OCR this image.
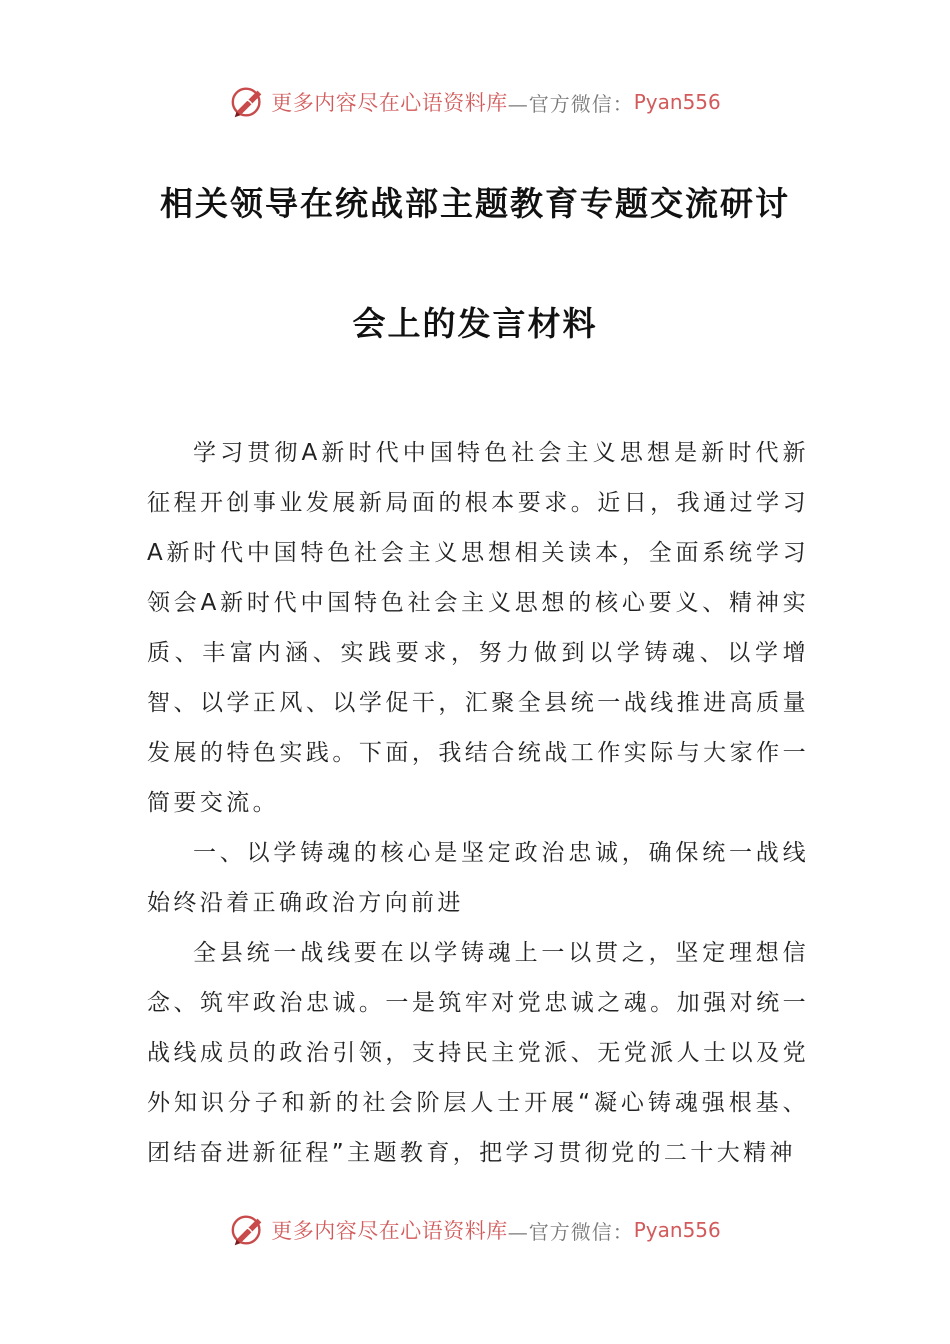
更多内容尽在心语资料库 —官方微信： Pyan556
相关领导在统战部主题教育专题交流研讨
会上的发言材料

学习贯彻A新时代中国特色社会主义思想是新时代新征程开创事业发展新局面的根本要求。近日，我通过学习A新时代中国特色社会主义思想相关读本，全面系统学习领会A新时代中国特色社会主义思想的核心要义、精神实质、丰富内涵、实践要求，努力做到以学铸魂、以学增智、以学正风、以学促干，汇聚全县统一战线推进高质量发展的特色实践。下面，我结合统战工作实际与大家作一简要交流。

一、以学铸魂的核心是坚定政治忠诚，确保统一战线始终沿着正确政治方向前进

全县统一战线要在以学铸魂上一以贯之，坚定理想信念、筑牢政治忠诚。一是筑牢对党忠诚之魂。加强对统一战线成员的政治引领，支持民主党派、无党派人士以及党外知识分子和新的社会阶层人士开展“凝心铸魂强根基、团结奋进新征程”主题教育，把学习贯彻党的二十大精神

更多内容尽在心语资料库 —官方微信： Pyan556
